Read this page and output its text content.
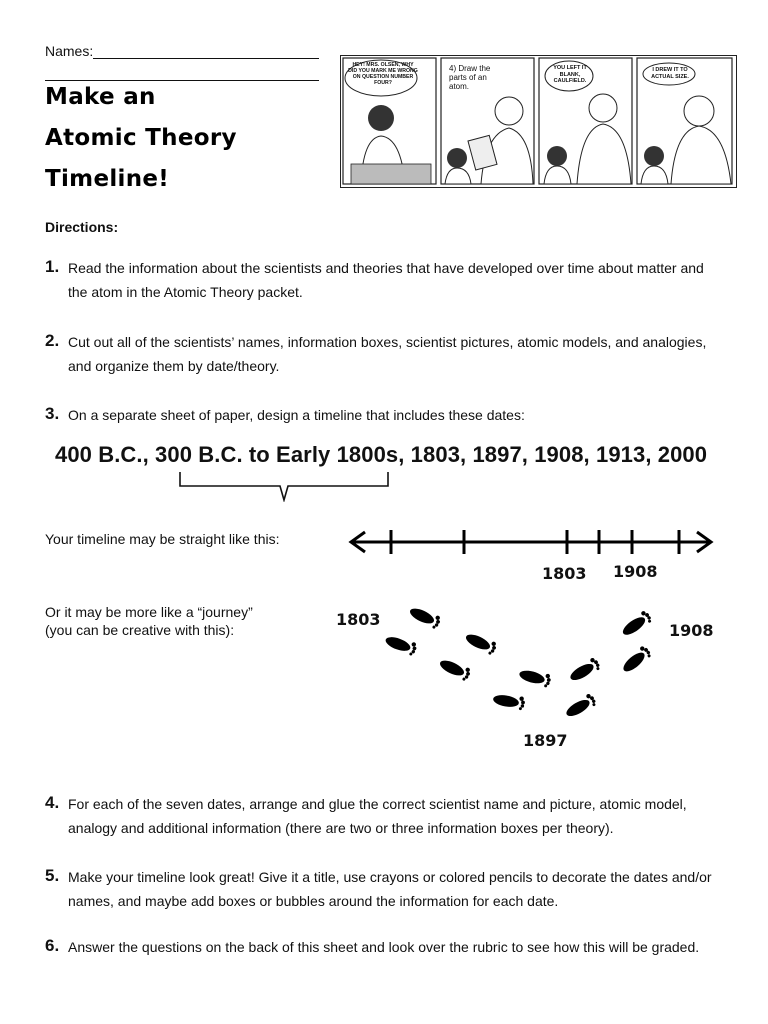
Names:
Make an
Atomic Theory
Timeline!
HEY! MRS. OLSEN, WHY DID YOU MARK ME WRONG ON QUESTION NUMBER FOUR?
4) Draw the parts of an atom.
YOU LEFT IT BLANK, CAULFIELD.
I DREW IT TO ACTUAL SIZE.
Directions:
1. Read the information about the scientists and theories that have developed over time about matter and
the atom in the Atomic Theory packet.
2. Cut out all of the scientists’ names, information boxes, scientist pictures, atomic models, and analogies,
and organize them by date/theory.
3. On a separate sheet of paper, design a timeline that includes these dates:
400 B.C., 300 B.C. to Early 1800s, 1803, 1897, 1908, 1913, 2000
Your timeline may be straight like this:
1803 1908
Or it may be more like a “journey”
(you can be creative with this):
1803
1908
1897
4. For each of the seven dates, arrange and glue the correct scientist name and picture, atomic model,
analogy and additional information (there are two or three information boxes per theory).
5. Make your timeline look great! Give it a title, use crayons or colored pencils to decorate the dates and/or
names, and maybe add boxes or bubbles around the information for each date.
6. Answer the questions on the back of this sheet and look over the rubric to see how this will be graded.
